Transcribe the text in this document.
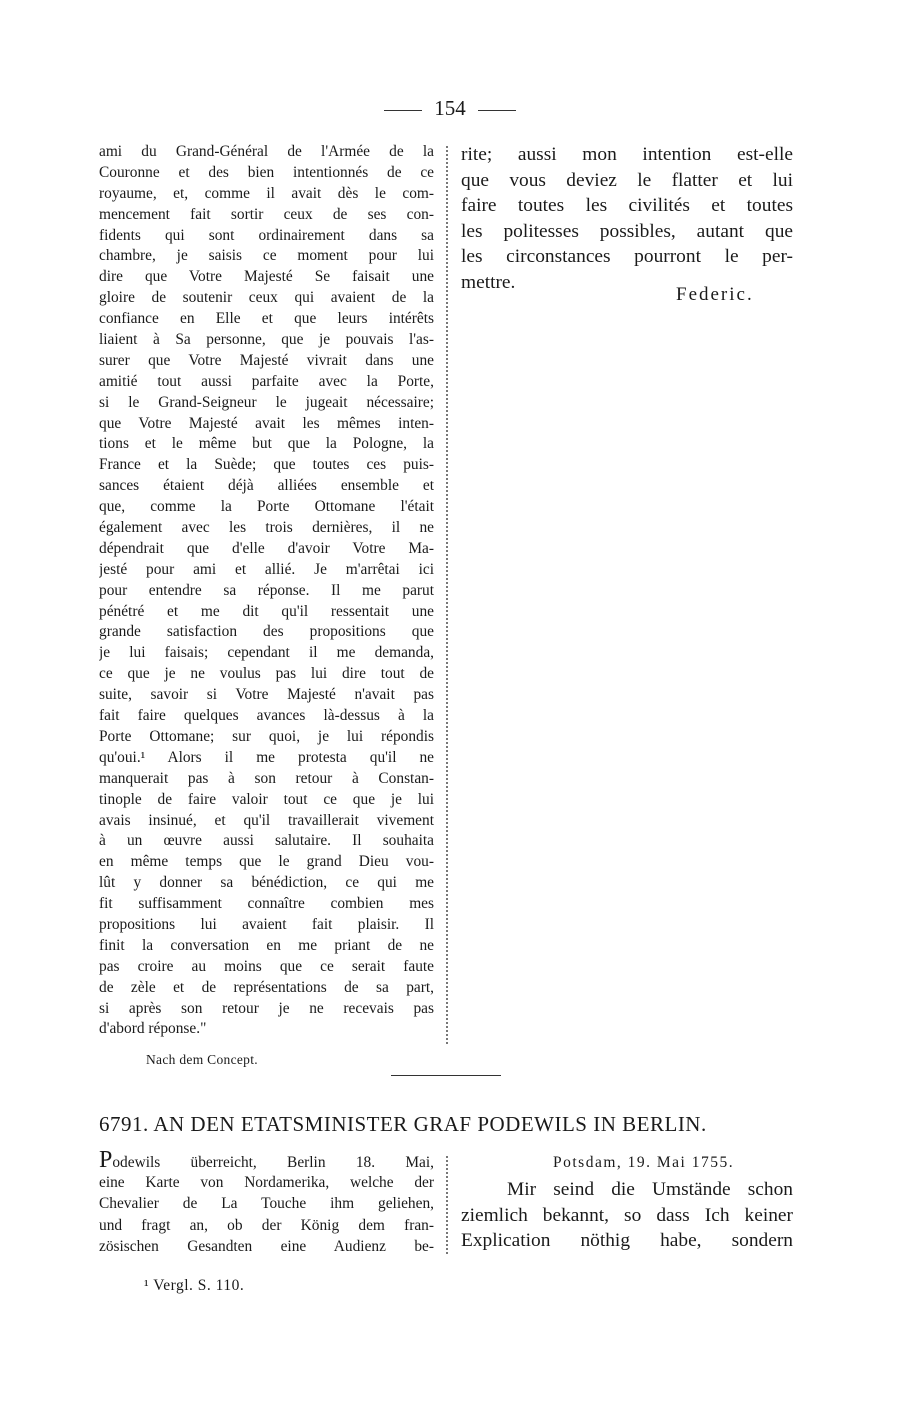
154
ami du Grand-Général de l'Armée de la
Couronne et des bien intentionnés de ce
royaume, et, comme il avait dès le com-
mencement fait sortir ceux de ses con-
fidents qui sont ordinairement dans sa
chambre, je saisis ce moment pour lui
dire que Votre Majesté Se faisait une
gloire de soutenir ceux qui avaient de la
confiance en Elle et que leurs intérêts
liaient à Sa personne, que je pouvais l'as-
surer que Votre Majesté vivrait dans une
amitié tout aussi parfaite avec la Porte,
si le Grand-Seigneur le jugeait nécessaire;
que Votre Majesté avait les mêmes inten-
tions et le même but que la Pologne, la
France et la Suède; que toutes ces puis-
sances étaient déjà alliées ensemble et
que, comme la Porte Ottomane l'était
également avec les trois dernières, il ne
dépendrait que d'elle d'avoir Votre Ma-
jesté pour ami et allié. Je m'arrêtai ici
pour entendre sa réponse. Il me parut
pénétré et me dit qu'il ressentait une
grande satisfaction des propositions que
je lui faisais; cependant il me demanda,
ce que je ne voulus pas lui dire tout de
suite, savoir si Votre Majesté n'avait pas
fait faire quelques avances là-dessus à la
Porte Ottomane; sur quoi, je lui répondis
qu'oui.¹ Alors il me protesta qu'il ne
manquerait pas à son retour à Constan-
tinople de faire valoir tout ce que je lui
avais insinué, et qu'il travaillerait vivement
à un œuvre aussi salutaire. Il souhaita
en même temps que le grand Dieu vou-
lût y donner sa bénédiction, ce qui me
fit suffisamment connaître combien mes
propositions lui avaient fait plaisir. Il
finit la conversation en me priant de ne
pas croire au moins que ce serait faute
de zèle et de représentations de sa part,
si après son retour je ne recevais pas
d'abord réponse."
rite; aussi mon intention est-elle
que vous deviez le flatter et lui
faire toutes les civilités et toutes
les politesses possibles, autant que
les circonstances pourront le per-
mettre.
Federic.
Nach dem Concept.
6791. AN DEN ETATSMINISTER GRAF PODEWILS IN BERLIN.
Podewils überreicht, Berlin 18. Mai,
eine Karte von Nordamerika, welche der
Chevalier de La Touche ihm geliehen,
und fragt an, ob der König dem fran-
zösischen Gesandten eine Audienz be-
Potsdam, 19. Mai 1755.
Mir seind die Umstände schon
ziemlich bekannt, so dass Ich keiner
Explication nöthig habe, sondern
¹ Vergl. S. 110.
